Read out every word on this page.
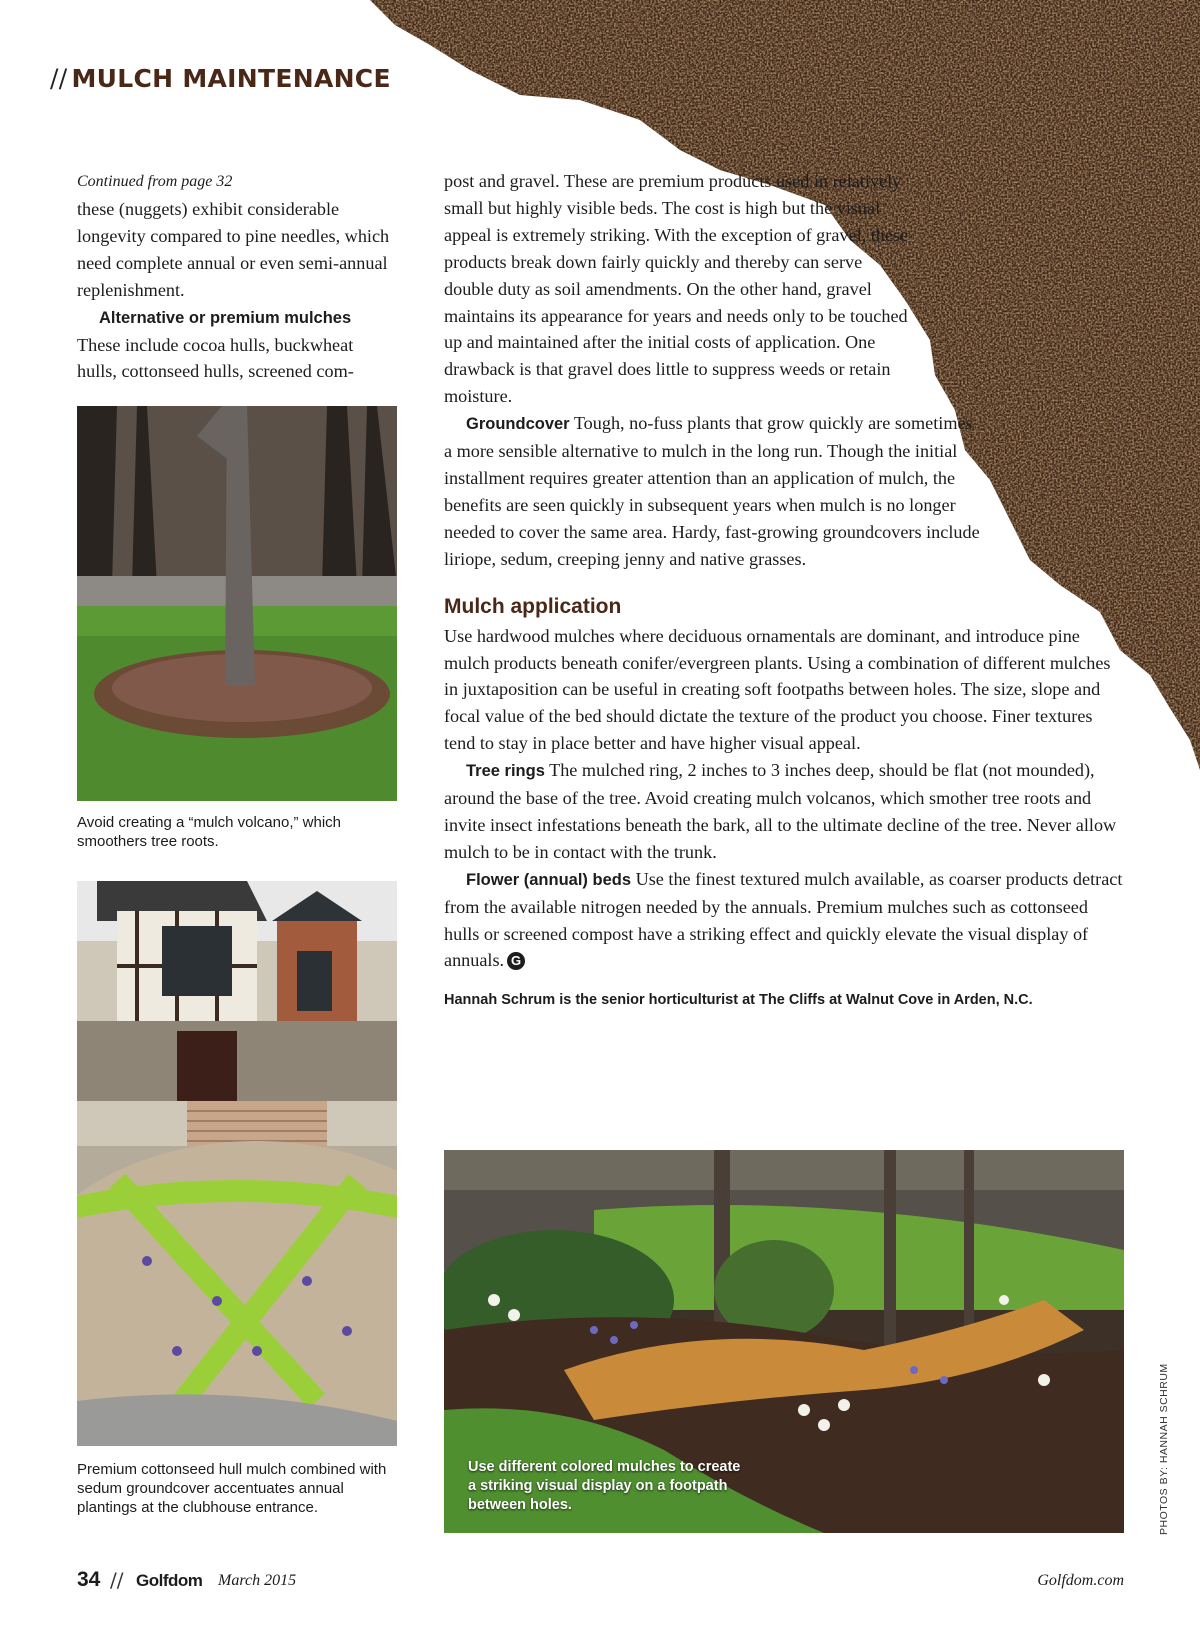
// MULCH MAINTENANCE

Continued from page 32

these (nuggets) exhibit considerable longevity compared to pine needles, which need complete annual or even semi-annual replenishment.

Alternative or premium mulches These include cocoa hulls, buckwheat hulls, cottonseed hulls, screened com-

post and gravel. These are premium products used in relatively small but highly visible beds. The cost is high but the visual appeal is extremely striking. With the exception of gravel, these products break down fairly quickly and thereby can serve double duty as soil amendments. On the other hand, gravel maintains its appearance for years and needs only to be touched up and maintained after the initial costs of application. One drawback is that gravel does little to suppress weeds or retain moisture.

Groundcover Tough, no-fuss plants that grow quickly are sometimes a more sensible alternative to mulch in the long run. Though the initial installment requires greater attention than an application of mulch, the benefits are seen quickly in subsequent years when mulch is no longer needed to cover the same area. Hardy, fast-growing groundcovers include liriope, sedum, creeping jenny and native grasses.

Mulch application

Use hardwood mulches where deciduous ornamentals are dominant, and introduce pine mulch products beneath conifer/evergreen plants. Using a combination of different mulches in juxtaposition can be useful in creating soft footpaths between holes. The size, slope and focal value of the bed should dictate the texture of the product you choose. Finer textures tend to stay in place better and have higher visual appeal.

Tree rings The mulched ring, 2 inches to 3 inches deep, should be flat (not mounded), around the base of the tree. Avoid creating mulch volcanos, which smother tree roots and invite insect infestations beneath the bark, all to the ultimate decline of the tree. Never allow mulch to be in contact with the trunk.

Flower (annual) beds Use the finest textured mulch available, as coarser products detract from the available nitrogen needed by the annuals. Premium mulches such as cottonseed hulls or screened compost have a striking effect and quickly elevate the visual display of annuals. G

Hannah Schrum is the senior horticulturist at The Cliffs at Walnut Cove in Arden, N.C.

Avoid creating a “mulch volcano,” which smoothers tree roots.
Premium cottonseed hull mulch combined with sedum groundcover accentuates annual plantings at the clubhouse entrance.
Use different colored mulches to create a striking visual display on a footpath between holes.	PHOTOS BY: HANNAH SCHRUM
34 // Golfdom March 2015	Golfdom.com
